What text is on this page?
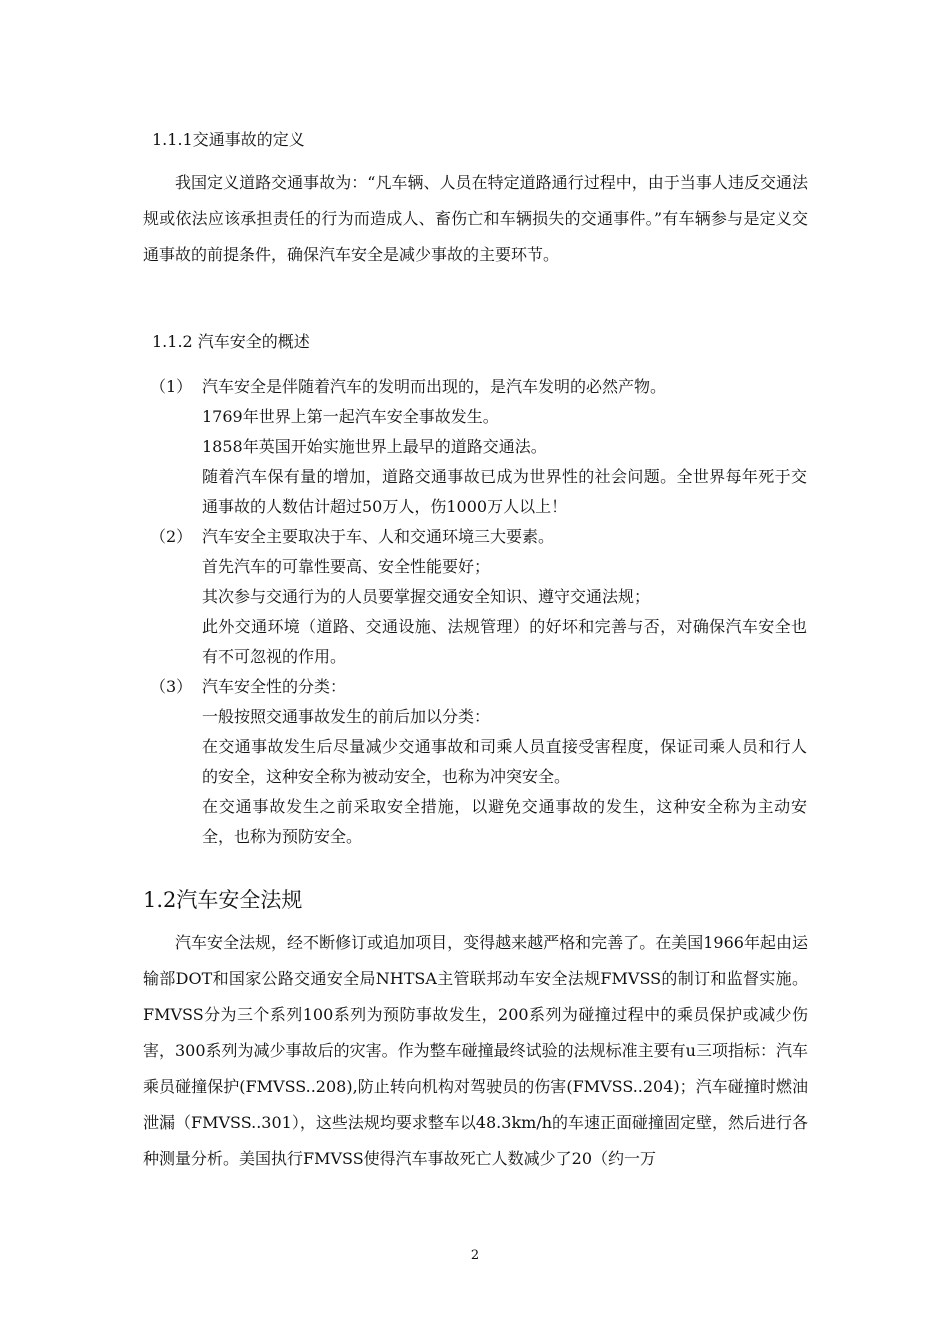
1.1.1交通事故的定义

我国定义道路交通事故为：“凡车辆、人员在特定道路通行过程中，由于当事人违反交通法规或依法应该承担责任的行为而造成人、畜伤亡和车辆损失的交通事件。”有车辆参与是定义交通事故的前提条件，确保汽车安全是减少事故的主要环节。

1.1.2 汽车安全的概述
（1） 汽车安全是伴随着汽车的发明而出现的，是汽车发明的必然产物。

1769年世界上第一起汽车安全事故发生。

1858年英国开始实施世界上最早的道路交通法。

随着汽车保有量的增加，道路交通事故已成为世界性的社会问题。全世界每年死于交通事故的人数估计超过50万人，伤1000万人以上！

（2） 汽车安全主要取决于车、人和交通环境三大要素。

首先汽车的可靠性要高、安全性能要好；

其次参与交通行为的人员要掌握交通安全知识、遵守交通法规；

此外交通环境（道路、交通设施、法规管理）的好坏和完善与否，对确保汽车安全也有不可忽视的作用。

（3） 汽车安全性的分类：

一般按照交通事故发生的前后加以分类：

在交通事故发生后尽量减少交通事故和司乘人员直接受害程度，保证司乘人员和行人的安全，这种安全称为被动安全，也称为冲突安全。

在交通事故发生之前采取安全措施，以避免交通事故的发生，这种安全称为主动安全，也称为预防安全。

1.2汽车安全法规

汽车安全法规，经不断修订或追加项目，变得越来越严格和完善了。在美国1966年起由运输部DOT和国家公路交通安全局NHTSA主管联邦动车安全法规FMVSS的制订和监督实施。FMVSS分为三个系列100系列为预防事故发生，200系列为碰撞过程中的乘员保护或减少伤害，300系列为减少事故后的灾害。作为整车碰撞最终试验的法规标准主要有u三项指标：汽车乘员碰撞保护(FMVSS..208),防止转向机构对驾驶员的伤害(FMVSS..204)；汽车碰撞时燃油泄漏（FMVSS..301），这些法规均要求整车以48.3km/h的车速正面碰撞固定壁，然后进行各种测量分析。美国执行FMVSS使得汽车事故死亡人数减少了20（约一万

2
